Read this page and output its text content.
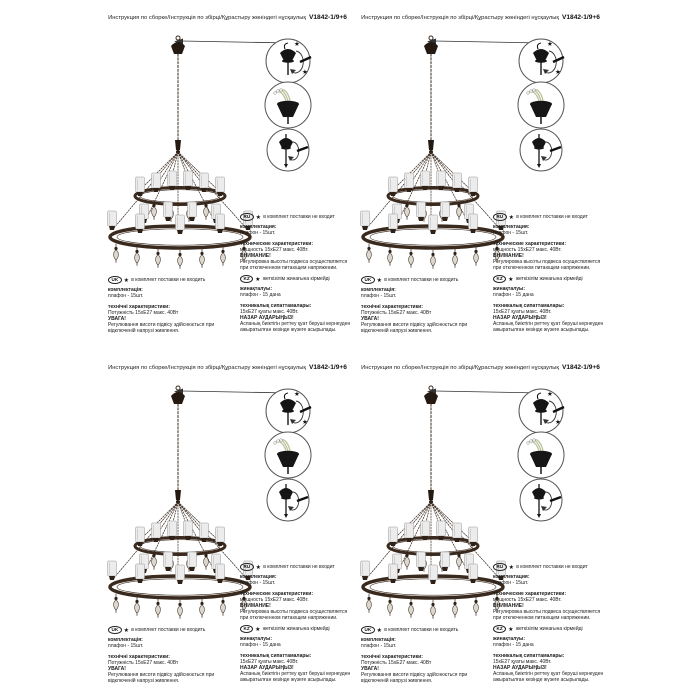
Инструкция по сборке/Інструкція по збірці/Құрастыру жөніндегі нұсқаулық V1842-1/9+6
★
★
RU ★ в комплект поставки не входит
комплектация:
плафон - 15шт.
технические характеристики:
мощность 15хЕ27 макс. 40Вт.
ВНИМАНИЕ!
Регулировка высоты подвеса осуществляется при отключенном питающем напряжении.
UK ★ в комплект поставки не входить
комплектація:
плафон - 15шт.
технічні характеристики:
Потужність 15хЕ27 макс. 40Вт
УВАГА!
Регулювання висоти підвісу здійснюється при відключеній напрузі живлення.
KZ ★ жеткізілім жинағына кірмейді
жинақталуы:
плафон - 15 дана
техникалық сипаттамалары:
15хЕ27 қуаты макс. 40Вт.
НАЗАР АУДАРЫҢЫЗ!
Аспаның биіктігін реттеу қуат беруші кернеуден ажыратылған кезінде жүзеге асырылады.
Инструкция по сборке/Інструкція по збірці/Құрастыру жөніндегі нұсқаулық V1842-1/9+6
★
★
RU ★ в комплект поставки не входит
комплектация:
плафон - 15шт.
технические характеристики:
мощность 15хЕ27 макс. 40Вт.
ВНИМАНИЕ!
Регулировка высоты подвеса осуществляется при отключенном питающем напряжении.
UK ★ в комплект поставки не входить
комплектація:
плафон - 15шт.
технічні характеристики:
Потужність 15хЕ27 макс. 40Вт
УВАГА!
Регулювання висоти підвісу здійснюється при відключеній напрузі живлення.
KZ ★ жеткізілім жинағына кірмейді
жинақталуы:
плафон - 15 дана
техникалық сипаттамалары:
15хЕ27 қуаты макс. 40Вт.
НАЗАР АУДАРЫҢЫЗ!
Аспаның биіктігін реттеу қуат беруші кернеуден ажыратылған кезінде жүзеге асырылады.
Инструкция по сборке/Інструкція по збірці/Құрастыру жөніндегі нұсқаулық V1842-1/9+6
★
★
RU ★ в комплект поставки не входит
комплектация:
плафон - 15шт.
технические характеристики:
мощность 15хЕ27 макс. 40Вт.
ВНИМАНИЕ!
Регулировка высоты подвеса осуществляется при отключенном питающем напряжении.
UK ★ в комплект поставки не входить
комплектація:
плафон - 15шт.
технічні характеристики:
Потужність 15хЕ27 макс. 40Вт
УВАГА!
Регулювання висоти підвісу здійснюється при відключеній напрузі живлення.
KZ ★ жеткізілім жинағына кірмейді
жинақталуы:
плафон - 15 дана
техникалық сипаттамалары:
15хЕ27 қуаты макс. 40Вт.
НАЗАР АУДАРЫҢЫЗ!
Аспаның биіктігін реттеу қуат беруші кернеуден ажыратылған кезінде жүзеге асырылады.
Инструкция по сборке/Інструкція по збірці/Құрастыру жөніндегі нұсқаулық V1842-1/9+6
★
★
RU ★ в комплект поставки не входит
комплектация:
плафон - 15шт.
технические характеристики:
мощность 15хЕ27 макс. 40Вт.
ВНИМАНИЕ!
Регулировка высоты подвеса осуществляется при отключенном питающем напряжении.
UK ★ в комплект поставки не входить
комплектація:
плафон - 15шт.
технічні характеристики:
Потужність 15хЕ27 макс. 40Вт
УВАГА!
Регулювання висоти підвісу здійснюється при відключеній напрузі живлення.
KZ ★ жеткізілім жинағына кірмейді
жинақталуы:
плафон - 15 дана
техникалық сипаттамалары:
15хЕ27 қуаты макс. 40Вт.
НАЗАР АУДАРЫҢЫЗ!
Аспаның биіктігін реттеу қуат беруші кернеуден ажыратылған кезінде жүзеге асырылады.
